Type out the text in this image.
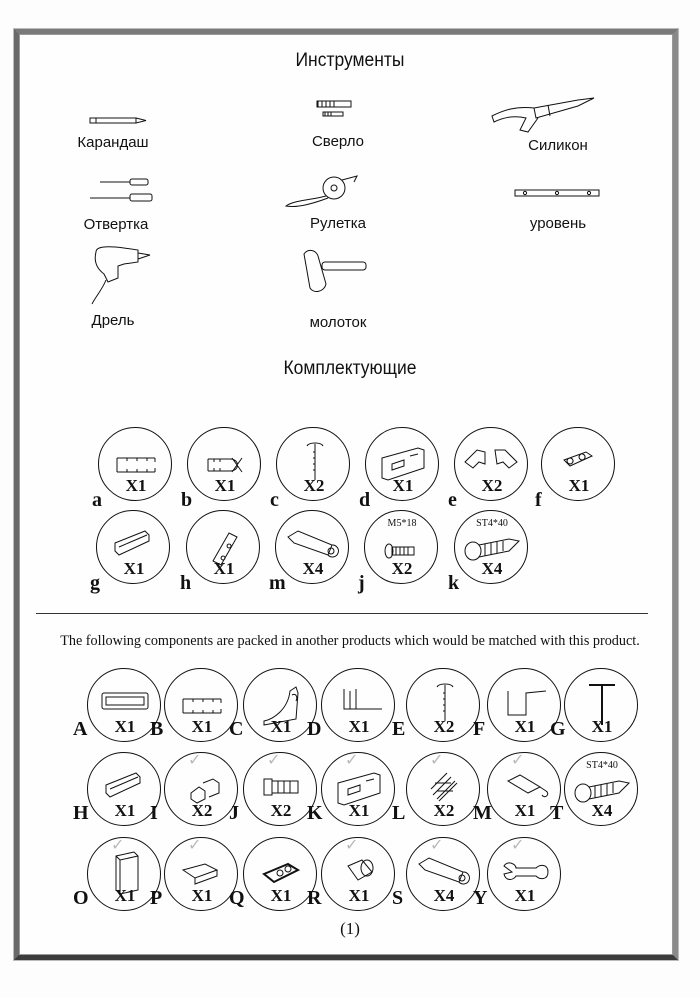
Инструменты
Карандаш	Сверло	Силикон
Отвертка	Рулетка	уровень
Дрель	молоток
Комплектующие
X1
a
X1
b
X2
c
X1
d
X2
e
X1
f
X1
g
X1
h
X4
m
M5*18
X2
j
ST4*40
X4
k
The following components are packed in another products which would be matched with this product.
X1
A	X1
B	X1
C	X1
D	X2
E	X1
F	X1
G
X1
H	X2
I
✓
X2
J
✓
X1
K
✓
X2
L
✓
X1
M
✓	ST4*40
X4
T
X1
O
✓
X1
P
✓
X1
Q	X1
R
✓
X4
S
✓
X1
Y
✓
(1)
